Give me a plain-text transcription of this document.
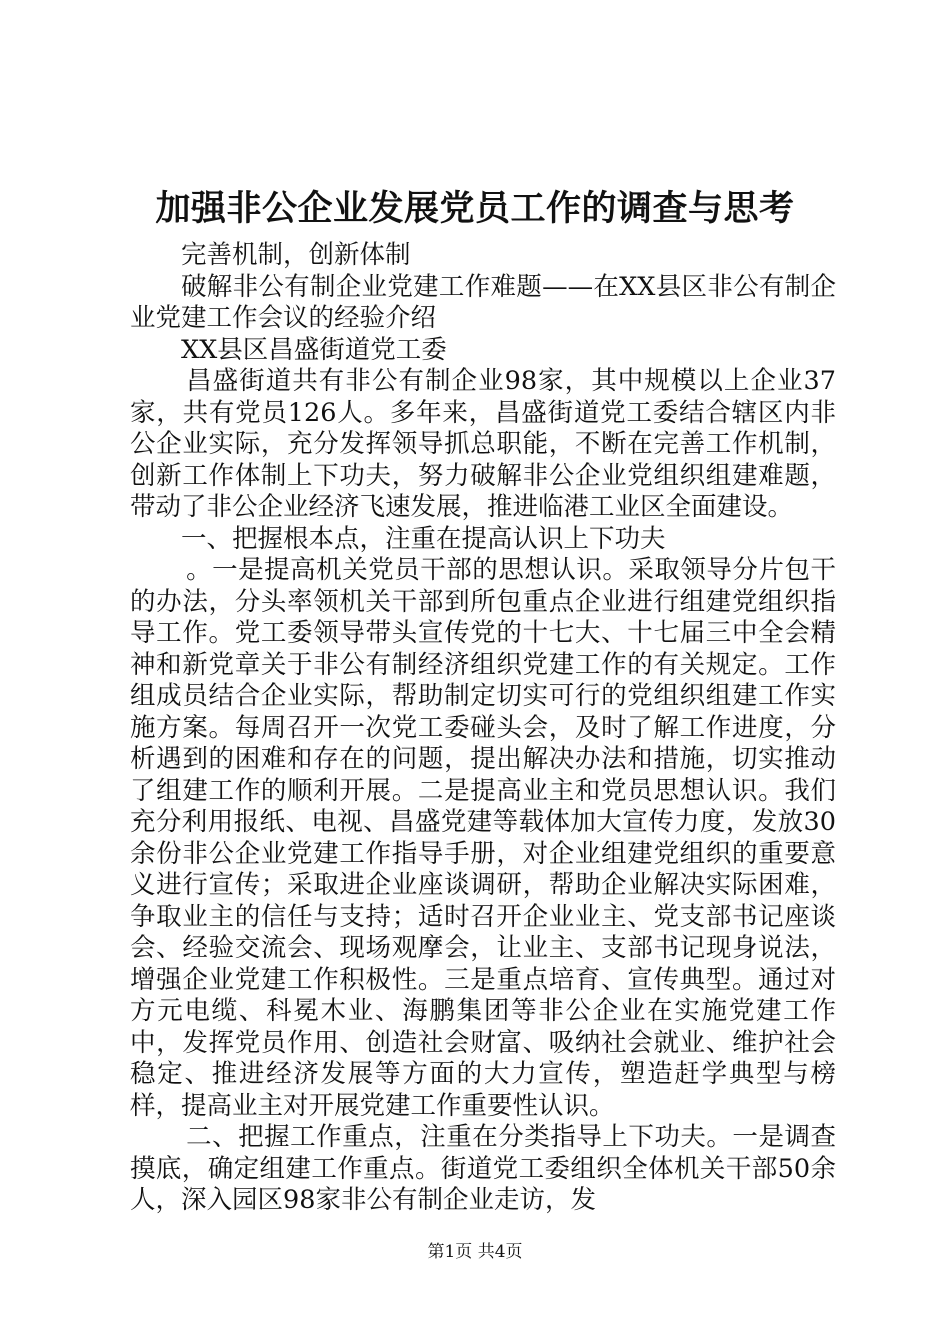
加强非公企业发展党员工作的调查与思考

完善机制，创新体制

破解非公有制企业党建工作难题——在XX县区非公有制企业党建工作会议的经验介绍

XX县区昌盛街道党工委

昌盛街道共有非公有制企业98家，其中规模以上企业37家，共有党员126人。多年来，昌盛街道党工委结合辖区内非公企业实际，充分发挥领导抓总职能，不断在完善工作机制，创新工作体制上下功夫，努力破解非公企业党组织组建难题，带动了非公企业经济飞速发展，推进临港工业区全面建设。

一、把握根本点，注重在提高认识上下功夫

。一是提高机关党员干部的思想认识。采取领导分片包干的办法，分头率领机关干部到所包重点企业进行组建党组织指导工作。党工委领导带头宣传党的十七大、十七届三中全会精神和新党章关于非公有制经济组织党建工作的有关规定。工作组成员结合企业实际，帮助制定切实可行的党组织组建工作实施方案。每周召开一次党工委碰头会，及时了解工作进度，分析遇到的困难和存在的问题，提出解决办法和措施，切实推动了组建工作的顺利开展。二是提高业主和党员思想认识。我们充分利用报纸、电视、昌盛党建等载体加大宣传力度，发放30余份非公企业党建工作指导手册，对企业组建党组织的重要意义进行宣传；采取进企业座谈调研，帮助企业解决实际困难，争取业主的信任与支持；适时召开企业业主、党支部书记座谈会、经验交流会、现场观摩会，让业主、支部书记现身说法，增强企业党建工作积极性。三是重点培育、宣传典型。通过对方元电缆、科冕木业、海鹏集团等非公企业在实施党建工作中，发挥党员作用、创造社会财富、吸纳社会就业、维护社会稳定、推进经济发展等方面的大力宣传，塑造赶学典型与榜样，提高业主对开展党建工作重要性认识。

二、把握工作重点，注重在分类指导上下功夫。一是调查摸底，确定组建工作重点。街道党工委组织全体机关干部50余人，深入园区98家非公有制企业走访，发

第1页 共4页
